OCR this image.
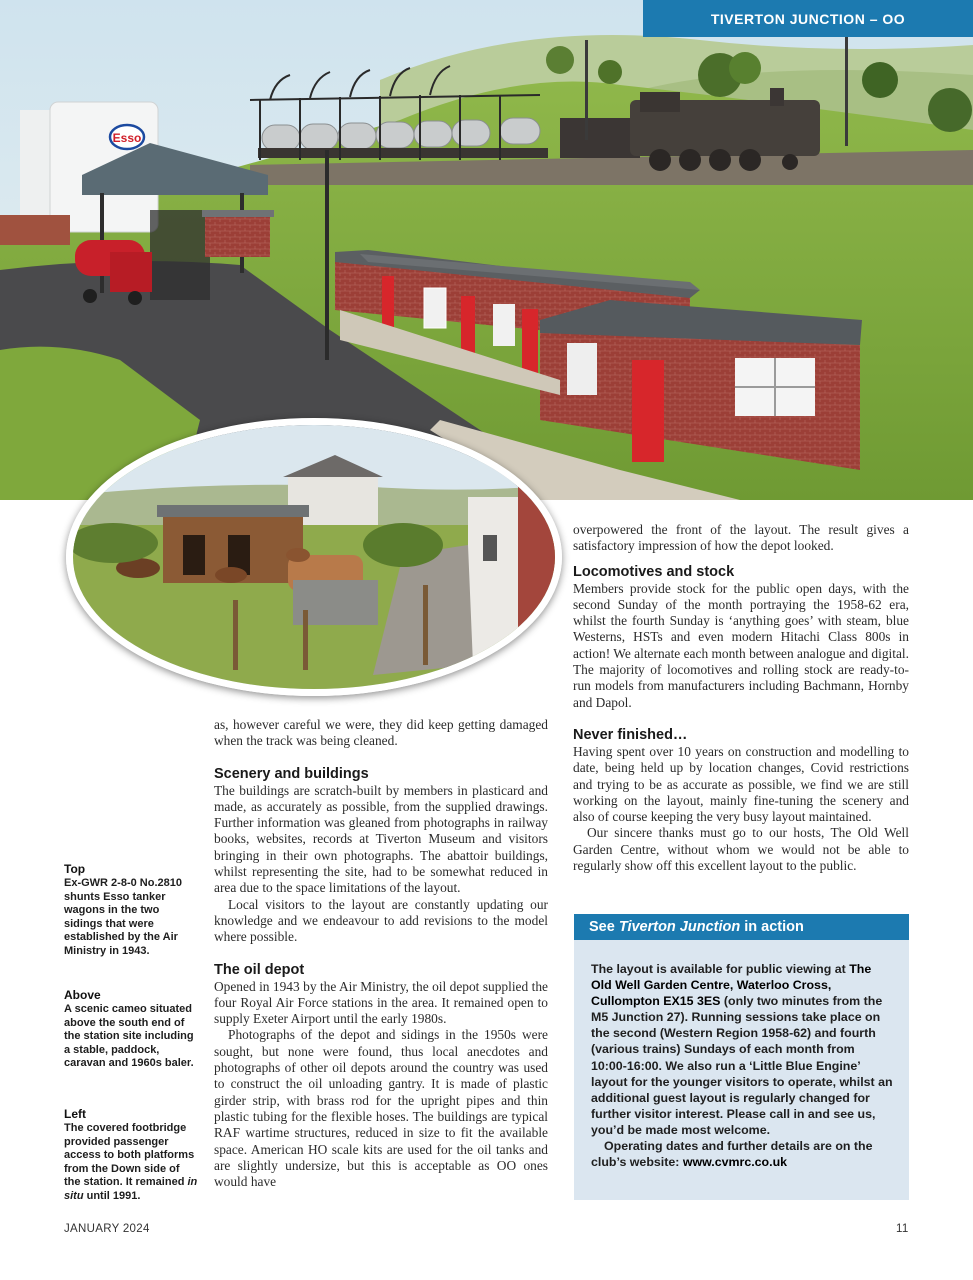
Esso
TIVERTON JUNCTION – OO
Top
Ex-GWR 2-8-0 No.2810 shunts Esso tanker wagons in the two sidings that were established by the Air Ministry in 1943.
Above
A scenic cameo situated above the south end of the station site including a stable, paddock, caravan and 1960s baler.
Left
The covered footbridge provided passenger access to both platforms from the Down side of the station. It remained in situ until 1991.

as, however careful we were, they did keep getting damaged when the track was being cleaned.

Scenery and buildings

The buildings are scratch-built by members in plasticard and made, as accurately as possible, from the supplied drawings. Further information was gleaned from photographs in railway books, websites, records at Tiverton Museum and visitors bringing in their own photographs. The abattoir buildings, whilst representing the site, had to be somewhat reduced in area due to the space limitations of the layout.

Local visitors to the layout are constantly updating our knowledge and we endeavour to add revisions to the model where possible.

The oil depot

Opened in 1943 by the Air Ministry, the oil depot supplied the four Royal Air Force stations in the area. It remained open to supply Exeter Airport until the early 1980s.

Photographs of the depot and sidings in the 1950s were sought, but none were found, thus local anecdotes and photographs of other oil depots around the country was used to construct the oil unloading gantry. It is made of plastic girder strip, with brass rod for the upright pipes and thin plastic tubing for the flexible hoses. The buildings are typical RAF wartime structures, reduced in size to fit the available space. American HO scale kits are used for the oil tanks and are slightly undersize, but this is acceptable as OO ones would have

overpowered the front of the layout. The result gives a satisfactory impression of how the depot looked.

Locomotives and stock

Members provide stock for the public open days, with the second Sunday of the month portraying the 1958-62 era, whilst the fourth Sunday is ‘anything goes’ with steam, blue Westerns, HSTs and even modern Hitachi Class 800s in action! We alternate each month between analogue and digital. The majority of locomotives and rolling stock are ready-to-run models from manufacturers including Bachmann, Hornby and Dapol.

Never finished…

Having spent over 10 years on construction and modelling to date, being held up by location changes, Covid restrictions and trying to be as accurate as possible, we find we are still working on the layout, mainly fine-tuning the scenery and also of course keeping the very busy layout maintained.

Our sincere thanks must go to our hosts, The Old Well Garden Centre, without whom we would not be able to regularly show off this excellent layout to the public.

See Tiverton Junction in action

The layout is available for public viewing at The Old Well Garden Centre, Waterloo Cross, Cullompton EX15 3ES (only two minutes from the M5 Junction 27). Running sessions take place on the second (Western Region 1958-62) and fourth (various trains) Sundays of each month from 10:00-16:00. We also run a ‘Little Blue Engine’ layout for the younger visitors to operate, whilst an additional guest layout is regularly changed for further visitor interest. Please call in and see us, you’d be made most welcome.

Operating dates and further details are on the club’s website: www.cvmrc.co.uk

JANUARY 2024	11
